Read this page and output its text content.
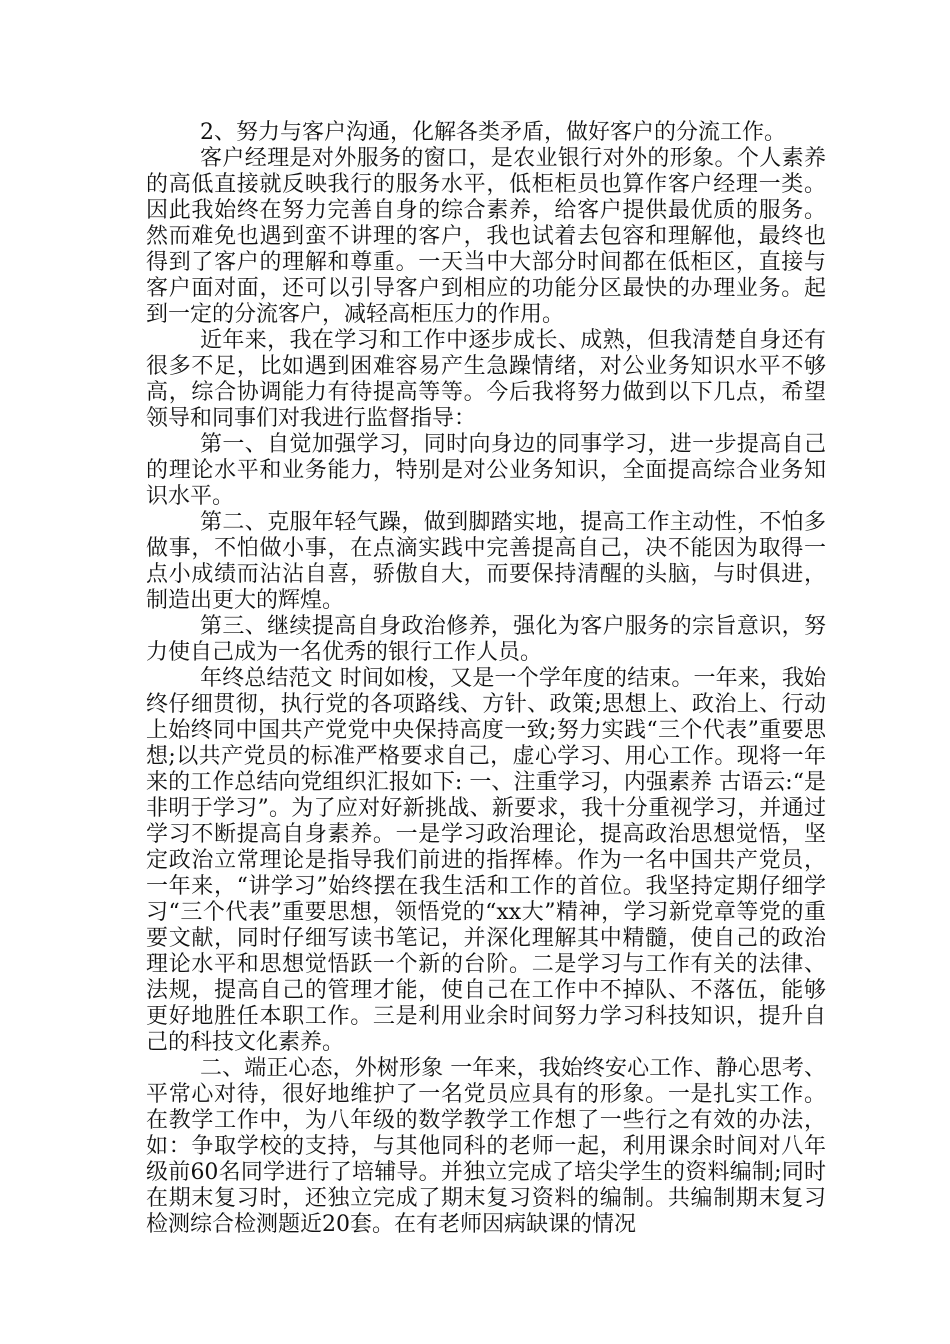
2、努力与客户沟通，化解各类矛盾，做好客户的分流工作。

客户经理是对外服务的窗口，是农业银行对外的形象。个人素养的高低直接就反映我行的服务水平，低柜柜员也算作客户经理一类。因此我始终在努力完善自身的综合素养，给客户提供最优质的服务。然而难免也遇到蛮不讲理的客户，我也试着去包容和理解他，最终也得到了客户的理解和尊重。一天当中大部分时间都在低柜区，直接与客户面对面，还可以引导客户到相应的功能分区最快的办理业务。起到一定的分流客户，减轻高柜压力的作用。

近年来，我在学习和工作中逐步成长、成熟，但我清楚自身还有很多不足，比如遇到困难容易产生急躁情绪，对公业务知识水平不够高，综合协调能力有待提高等等。今后我将努力做到以下几点，希望领导和同事们对我进行监督指导：

第一、自觉加强学习，同时向身边的同事学习，进一步提高自己的理论水平和业务能力，特别是对公业务知识，全面提高综合业务知识水平。

第二、克服年轻气躁，做到脚踏实地，提高工作主动性，不怕多做事，不怕做小事，在点滴实践中完善提高自己，决不能因为取得一点小成绩而沾沾自喜，骄傲自大，而要保持清醒的头脑，与时俱进，制造出更大的辉煌。

第三、继续提高自身政治修养，强化为客户服务的宗旨意识，努力使自己成为一名优秀的银行工作人员。

年终总结范文 时间如梭，又是一个学年度的结束。一年来，我始终仔细贯彻，执行党的各项路线、方针、政策;思想上、政治上、行动上始终同中国共产党党中央保持高度一致;努力实践“三个代表”重要思想;以共产党员的标准严格要求自己，虚心学习、用心工作。现将一年来的工作总结向党组织汇报如下: 一、注重学习，内强素养 古语云:“是非明于学习”。为了应对好新挑战、新要求，我十分重视学习，并通过学习不断提高自身素养。一是学习政治理论，提高政治思想觉悟，坚定政治立常理论是指导我们前进的指挥棒。作为一名中国共产党员，一年来，“讲学习”始终摆在我生活和工作的首位。我坚持定期仔细学习“三个代表”重要思想，领悟党的“xx大”精神，学习新党章等党的重要文献，同时仔细写读书笔记，并深化理解其中精髓，使自己的政治理论水平和思想觉悟跃一个新的台阶。二是学习与工作有关的法律、法规，提高自己的管理才能，使自己在工作中不掉队、不落伍，能够更好地胜任本职工作。三是利用业余时间努力学习科技知识，提升自己的科技文化素养。

二、端正心态，外树形象 一年来，我始终安心工作、静心思考、平常心对待，很好地维护了一名党员应具有的形象。一是扎实工作。在教学工作中，为八年级的数学教学工作想了一些行之有效的办法，如：争取学校的支持，与其他同科的老师一起，利用课余时间对八年级前60名同学进行了培辅导。并独立完成了培尖学生的资料编制;同时在期末复习时，还独立完成了期末复习资料的编制。共编制期末复习检测综合检测题近20套。在有老师因病缺课的情况
